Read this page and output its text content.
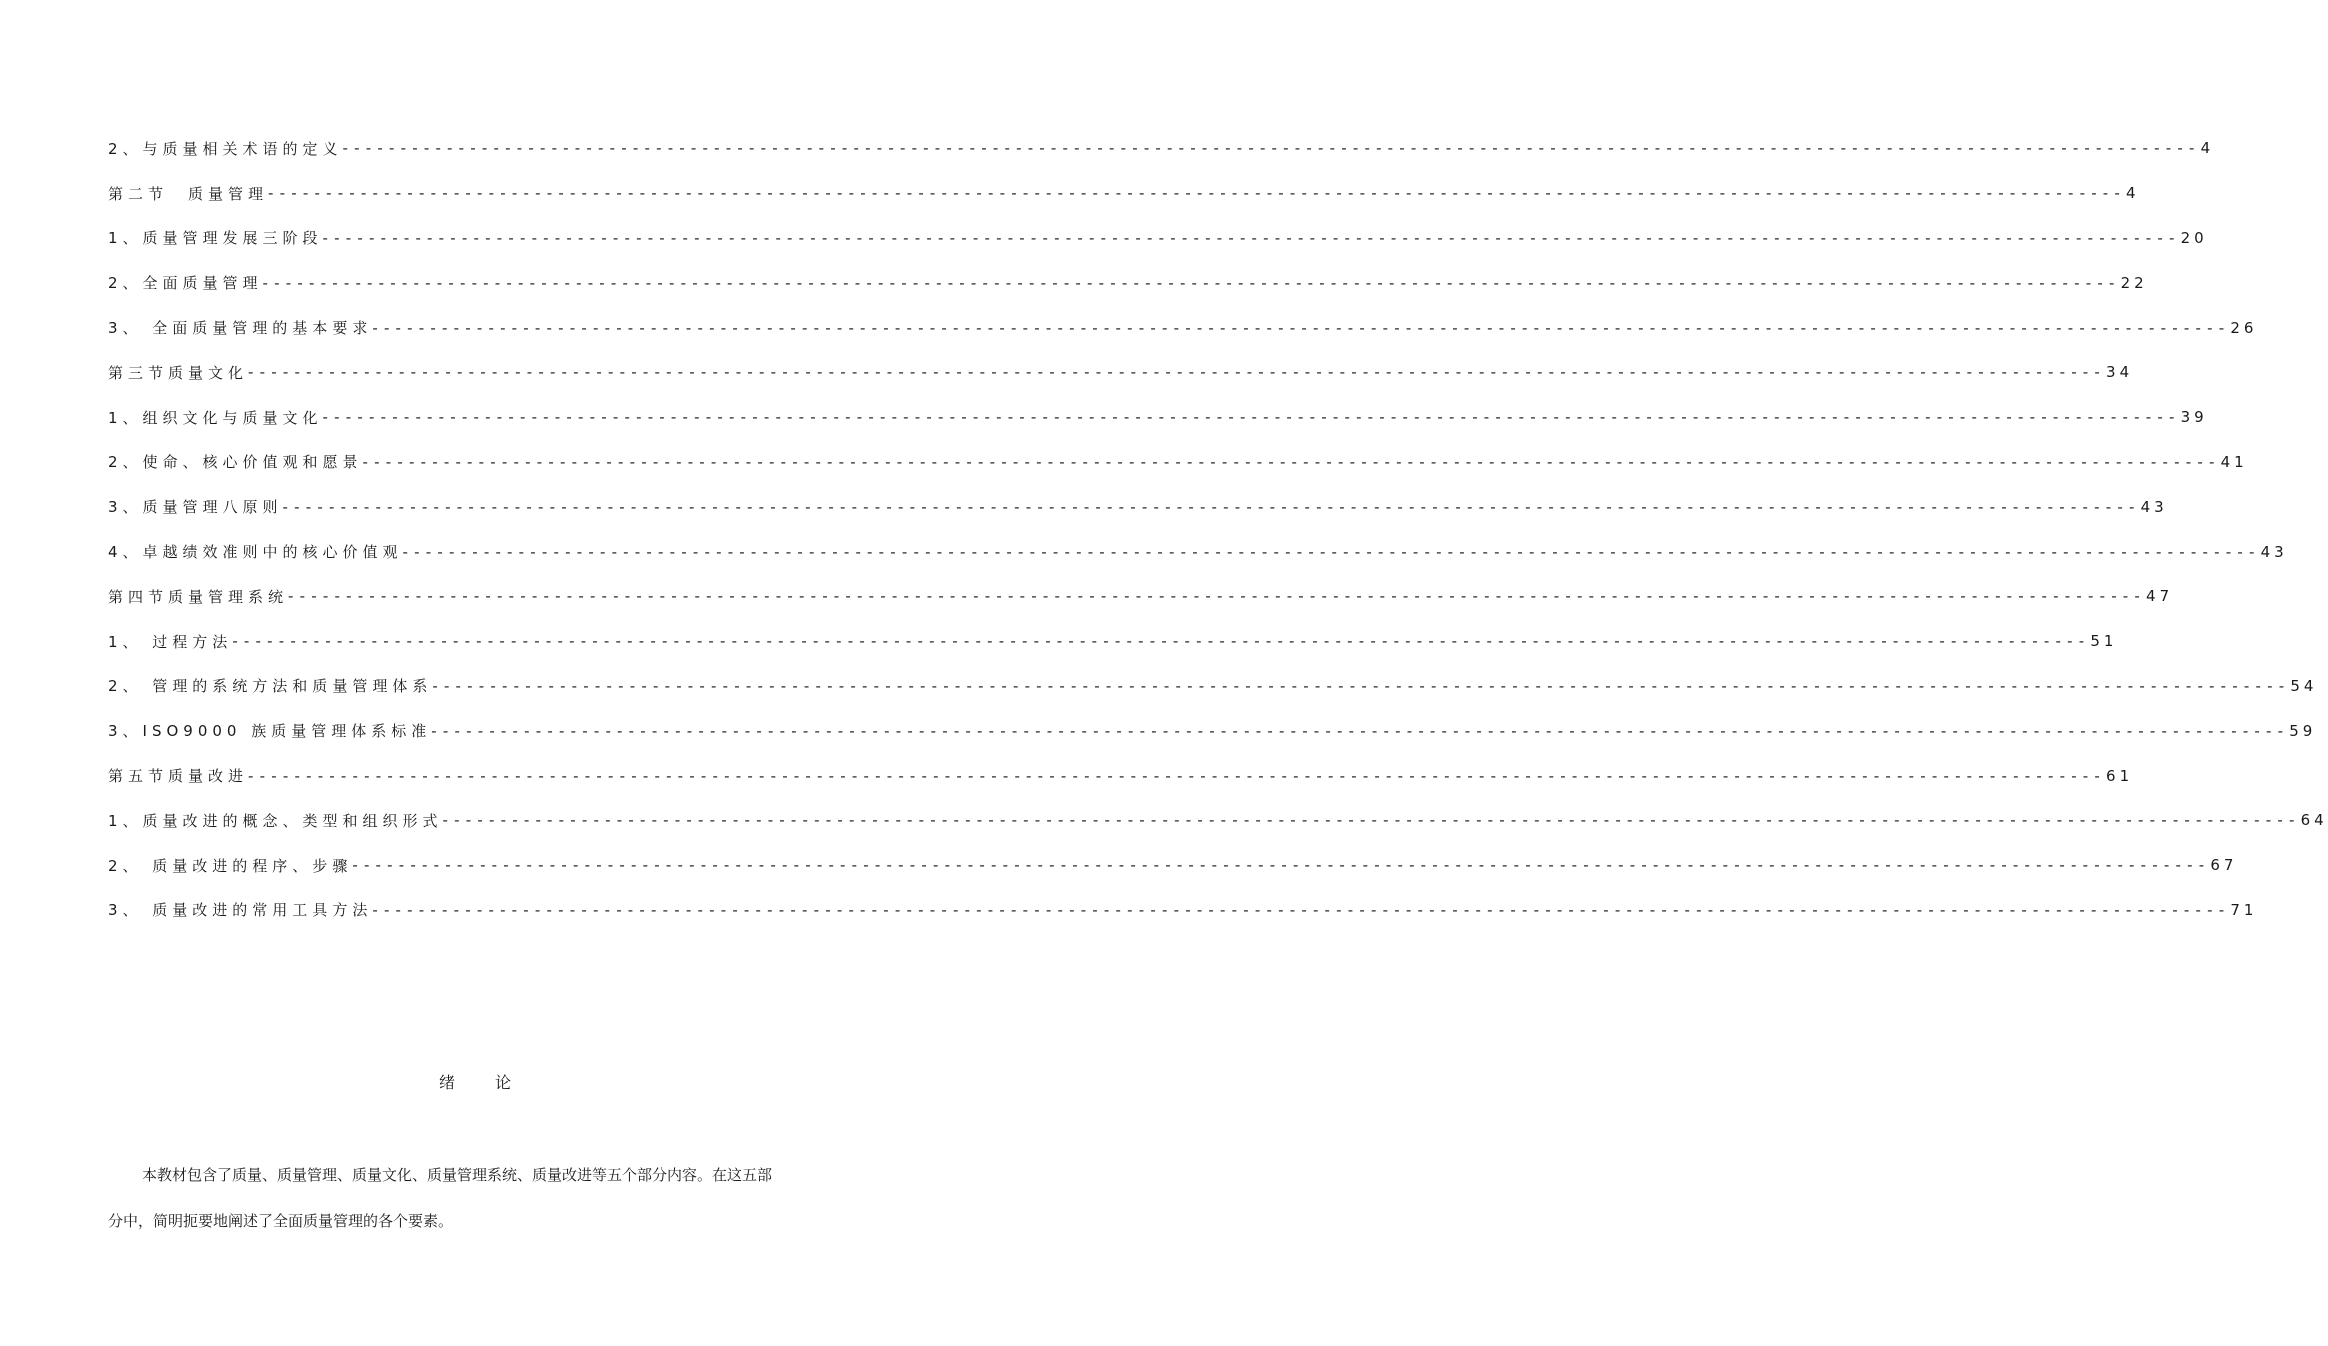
2、与质量相关术语的定义 ---------------------------------------------------------------------------------------------------------------------------------------------------------------- 4
第二节　质量管理 ---------------------------------------------------------------------------------------------------------------------------------------------------------------- 4
1、质量管理发展三阶段 ---------------------------------------------------------------------------------------------------------------------------------------------------------------- 20
2、全面质量管理 ---------------------------------------------------------------------------------------------------------------------------------------------------------------- 22
3、 全面质量管理的基本要求 ---------------------------------------------------------------------------------------------------------------------------------------------------------------- 26
第三节质量文化 ---------------------------------------------------------------------------------------------------------------------------------------------------------------- 34
1、组织文化与质量文化 ---------------------------------------------------------------------------------------------------------------------------------------------------------------- 39
2、使命、核心价值观和愿景 ---------------------------------------------------------------------------------------------------------------------------------------------------------------- 41
3、质量管理八原则 ---------------------------------------------------------------------------------------------------------------------------------------------------------------- 43
4、卓越绩效准则中的核心价值观 ---------------------------------------------------------------------------------------------------------------------------------------------------------------- 43
第四节质量管理系统 ---------------------------------------------------------------------------------------------------------------------------------------------------------------- 47
1、 过程方法 ---------------------------------------------------------------------------------------------------------------------------------------------------------------- 51
2、 管理的系统方法和质量管理体系 ---------------------------------------------------------------------------------------------------------------------------------------------------------------- 54
3、ISO9000 族质量管理体系标准 ---------------------------------------------------------------------------------------------------------------------------------------------------------------- 59
第五节质量改进 ---------------------------------------------------------------------------------------------------------------------------------------------------------------- 61
1、质量改进的概念、类型和组织形式 ---------------------------------------------------------------------------------------------------------------------------------------------------------------- 64
2、 质量改进的程序、步骤 ---------------------------------------------------------------------------------------------------------------------------------------------------------------- 67
3、 质量改进的常用工具方法 ---------------------------------------------------------------------------------------------------------------------------------------------------------------- 71
绪论
本教材包含了质量、质量管理、质量文化、质量管理系统、质量改进等五个部分内容。在这五部分中，简明扼要地阐述了全面质量管理的各个要素。
